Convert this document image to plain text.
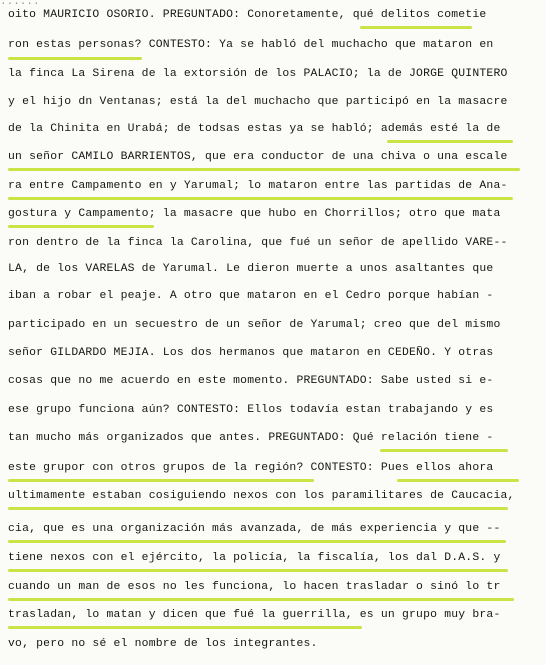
......
oito MAURICIO OSORIO. PREGUNTADO: Conoretamente, qué delitos cometie
ron estas personas? CONTESTO: Ya se habló del muchacho que mataron en
la finca La Sirena de la extorsión de los PALACIO; la de JORGE QUINTERO
y el hijo dn Ventanas; está la del muchacho que participó en la masacre
de la Chinita en Urabá; de todsas estas ya se habló; además esté la de
un señor CAMILO BARRIENTOS, que era conductor de una chiva o una escale
ra entre Campamento en y Yarumal; lo mataron entre las partidas de Ana-
gostura y Campamento; la masacre que hubo en Chorrillos; otro que mata
ron dentro de la finca la Carolina, que fué un señor de apellido VARE--
LA, de los VARELAS de Yarumal. Le dieron muerte a unos asaltantes que
iban a robar el peaje. A otro que mataron en el Cedro porque habían -
participado en un secuestro de un señor de Yarumal; creo que del mismo
señor GILDARDO MEJIA. Los dos hermanos que mataron en CEDEÑO. Y otras
cosas que no me acuerdo en este momento. PREGUNTADO: Sabe usted si e-
ese grupo funciona aún? CONTESTO: Ellos todavía estan trabajando y es
tan mucho más organizados que antes. PREGUNTADO: Qué relación tiene -
este grupor con otros grupos de la región? CONTESTO: Pues ellos ahora
ultimamente estaban cosiguiendo nexos con los paramilitares de Caucacia,
cia, que es una organización más avanzada, de más experiencia y que --
tiene nexos con el ejército, la policía, la fiscalía, los dal D.A.S. y
cuando un man de esos no les funciona, lo hacen trasladar o sinó lo tr
trasladan, lo matan y dicen que fué la guerrilla, es un grupo muy bra-
vo, pero no sé el nombre de los integrantes.
